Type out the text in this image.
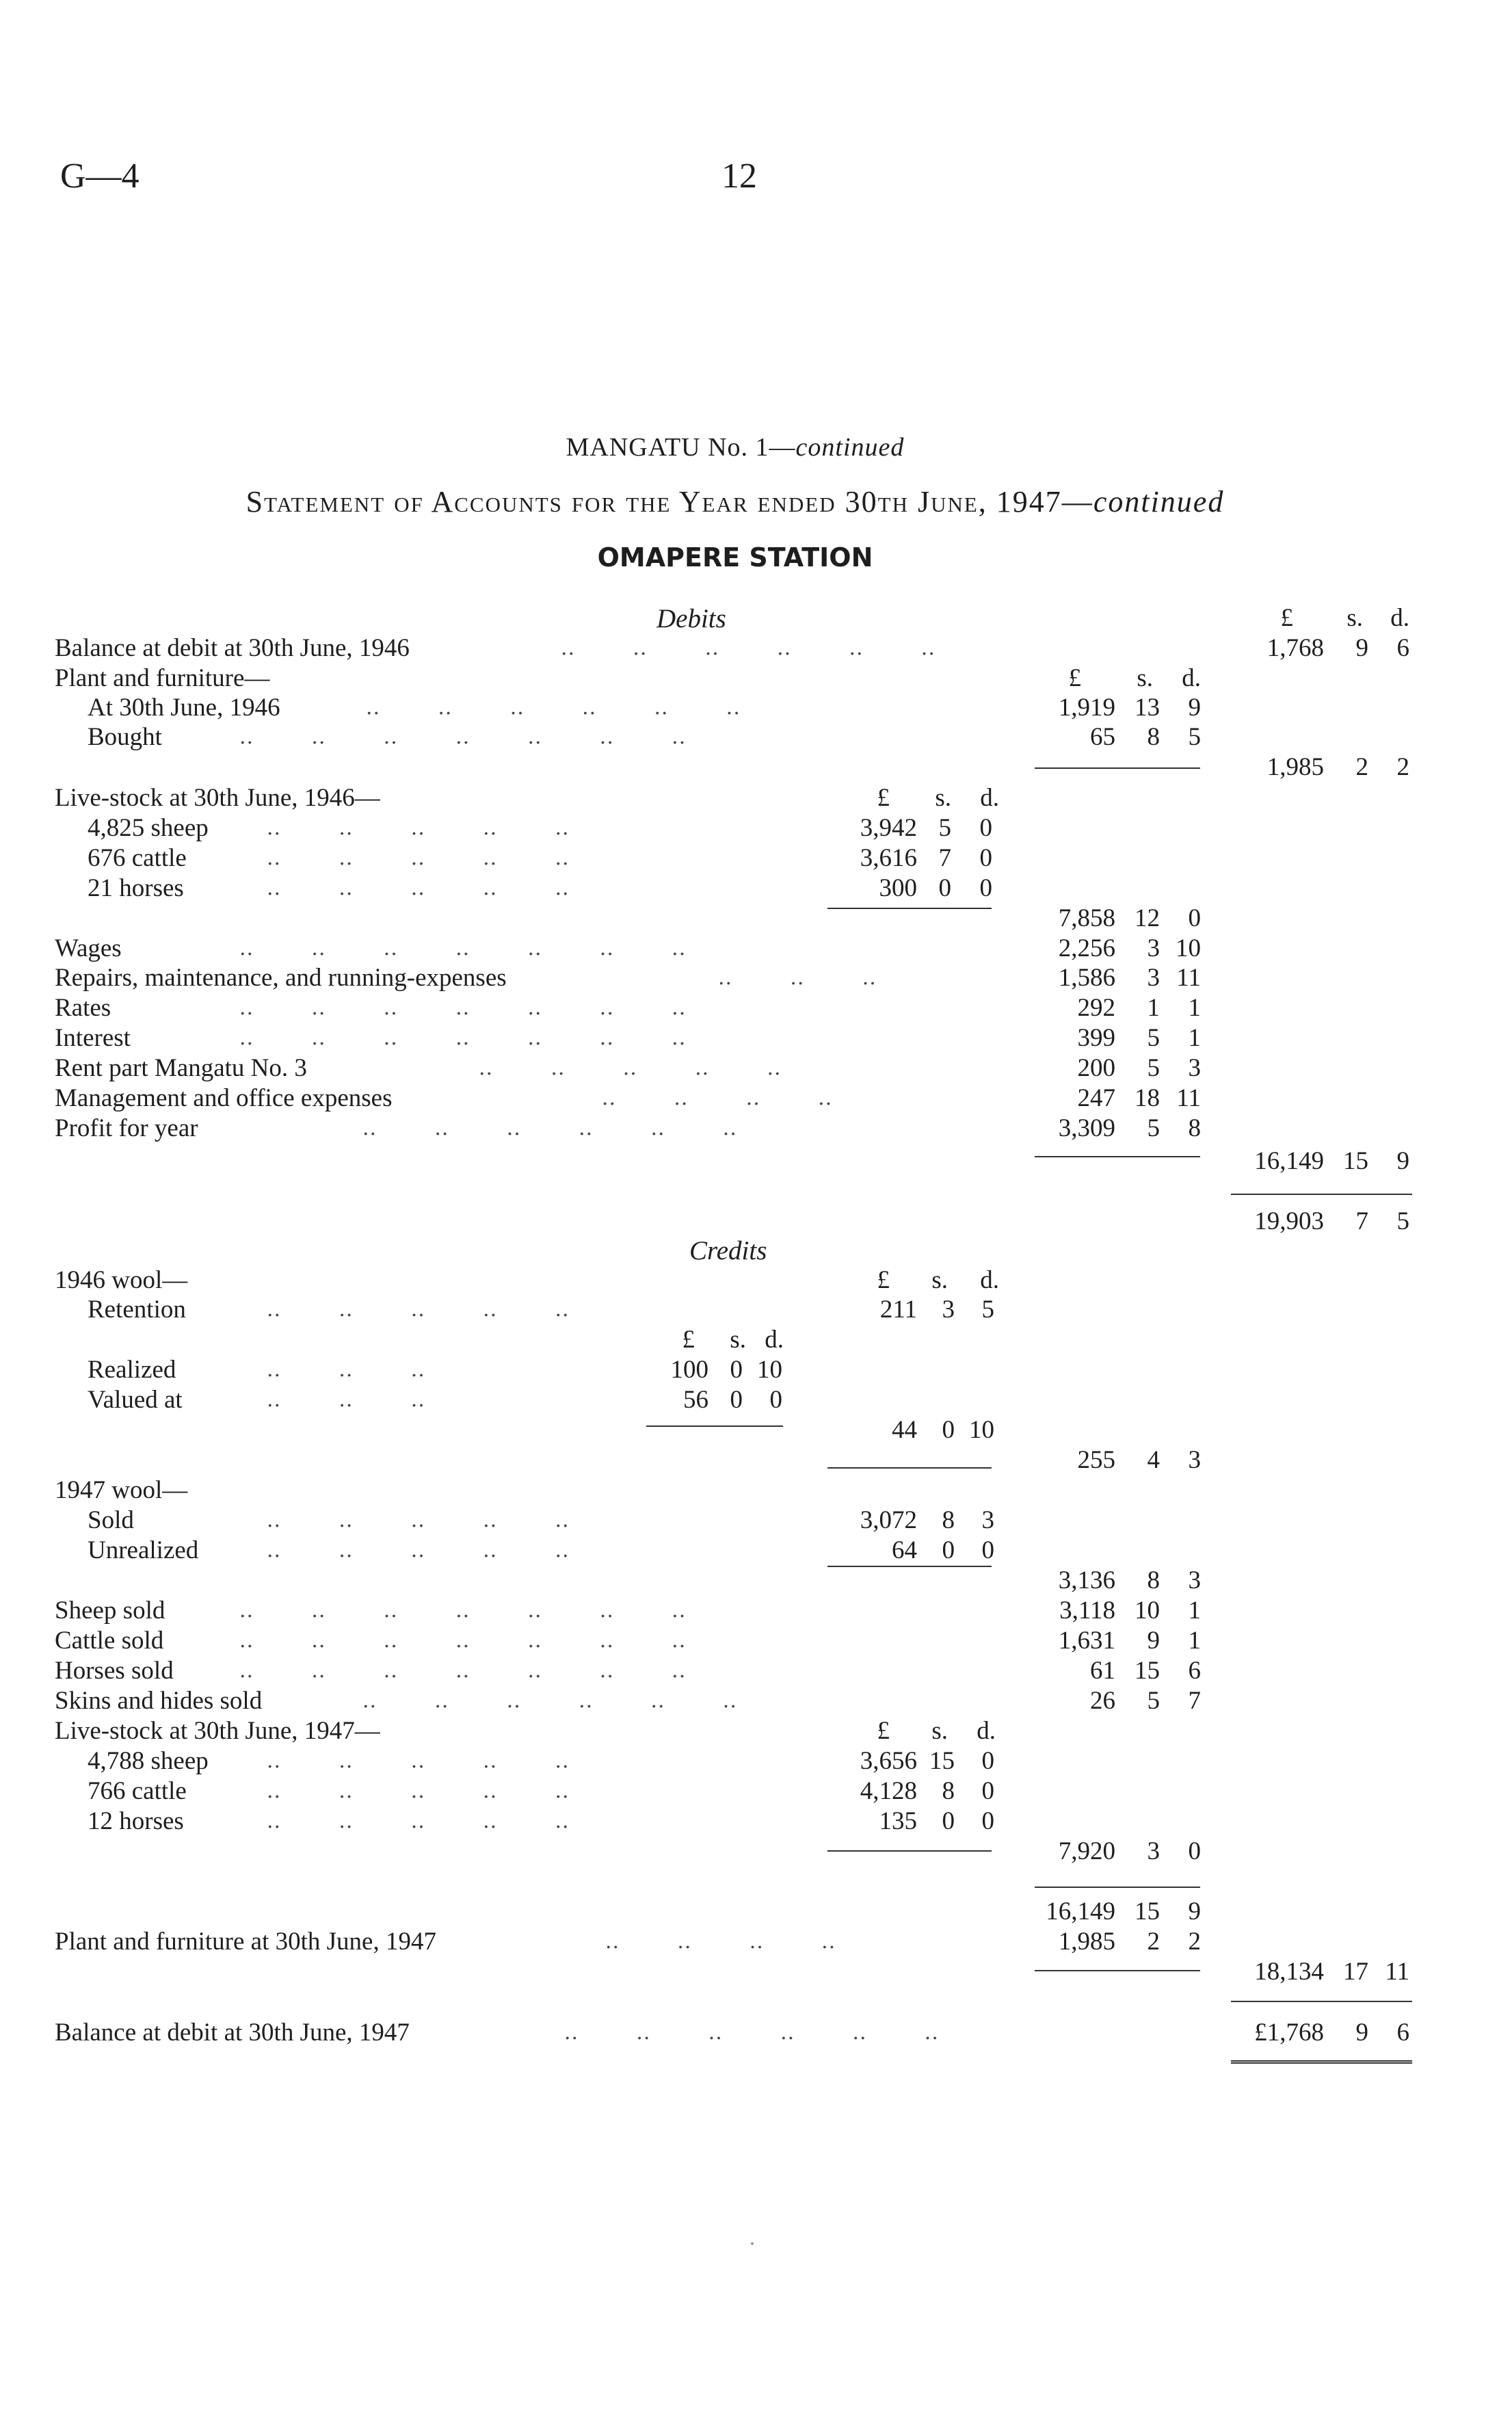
G—4	12
MANGATU No. 1—continued
Statement of Accounts for the Year ended 30th June, 1947—continued
OMAPERE STATION
Debits	£ s. d.
Balance at debit at 30th June, 1946	..        ..        ..        ..        ..        ..	1,768 9 6
Plant and furniture—	£ s. d.
At 30th June, 1946	..        ..        ..        ..        ..        ..	1,919 13 9
Bought	..        ..        ..        ..        ..        ..        ..	65 8 5
1,985 2 2
Live-stock at 30th June, 1946—	£ s. d.
4,825 sheep	..        ..        ..        ..        ..	3,942 5 0
676 cattle	..        ..        ..        ..        ..	3,616 7 0
21 horses	..        ..        ..        ..        ..	300 0 0
7,858 12 0
Wages	..        ..        ..        ..        ..        ..        ..	2,256 3 10
Repairs, maintenance, and running-expenses	..        ..        ..	1,586 3 11
Rates	..        ..        ..        ..        ..        ..        ..	292 1 1
Interest	..        ..        ..        ..        ..        ..        ..	399 5 1
Rent part Mangatu No. 3	..        ..        ..        ..        ..	200 5 3
Management and office expenses	..        ..        ..        ..	247 18 11
Profit for year	..        ..        ..        ..        ..        ..	3,309 5 8
16,149 15 9
19,903 7 5
Credits
1946 wool—	£ s. d.
Retention	..        ..        ..        ..        ..	211 3 5
£ s. d.
Realized	..        ..        ..	100 0 10
Valued at	..        ..        ..	56 0 0
44 0 10
255 4 3
1947 wool—
Sold	..        ..        ..        ..        ..	3,072 8 3
Unrealized	..        ..        ..        ..        ..	64 0 0
3,136 8 3
Sheep sold	..        ..        ..        ..        ..        ..        ..	3,118 10 1
Cattle sold	..        ..        ..        ..        ..        ..        ..	1,631 9 1
Horses sold	..        ..        ..        ..        ..        ..        ..	61 15 6
Skins and hides sold	..        ..        ..        ..        ..        ..	26 5 7
Live-stock at 30th June, 1947—	£ s. d.
4,788 sheep	..        ..        ..        ..        ..	3,656 15 0
766 cattle	..        ..        ..        ..        ..	4,128 8 0
12 horses	..        ..        ..        ..        ..	135 0 0
7,920 3 0
16,149 15 9
Plant and furniture at 30th June, 1947	..        ..        ..        ..	1,985 2 2
18,134 17 11
Balance at debit at 30th June, 1947	..        ..        ..        ..        ..        ..	£1,768 9 6
